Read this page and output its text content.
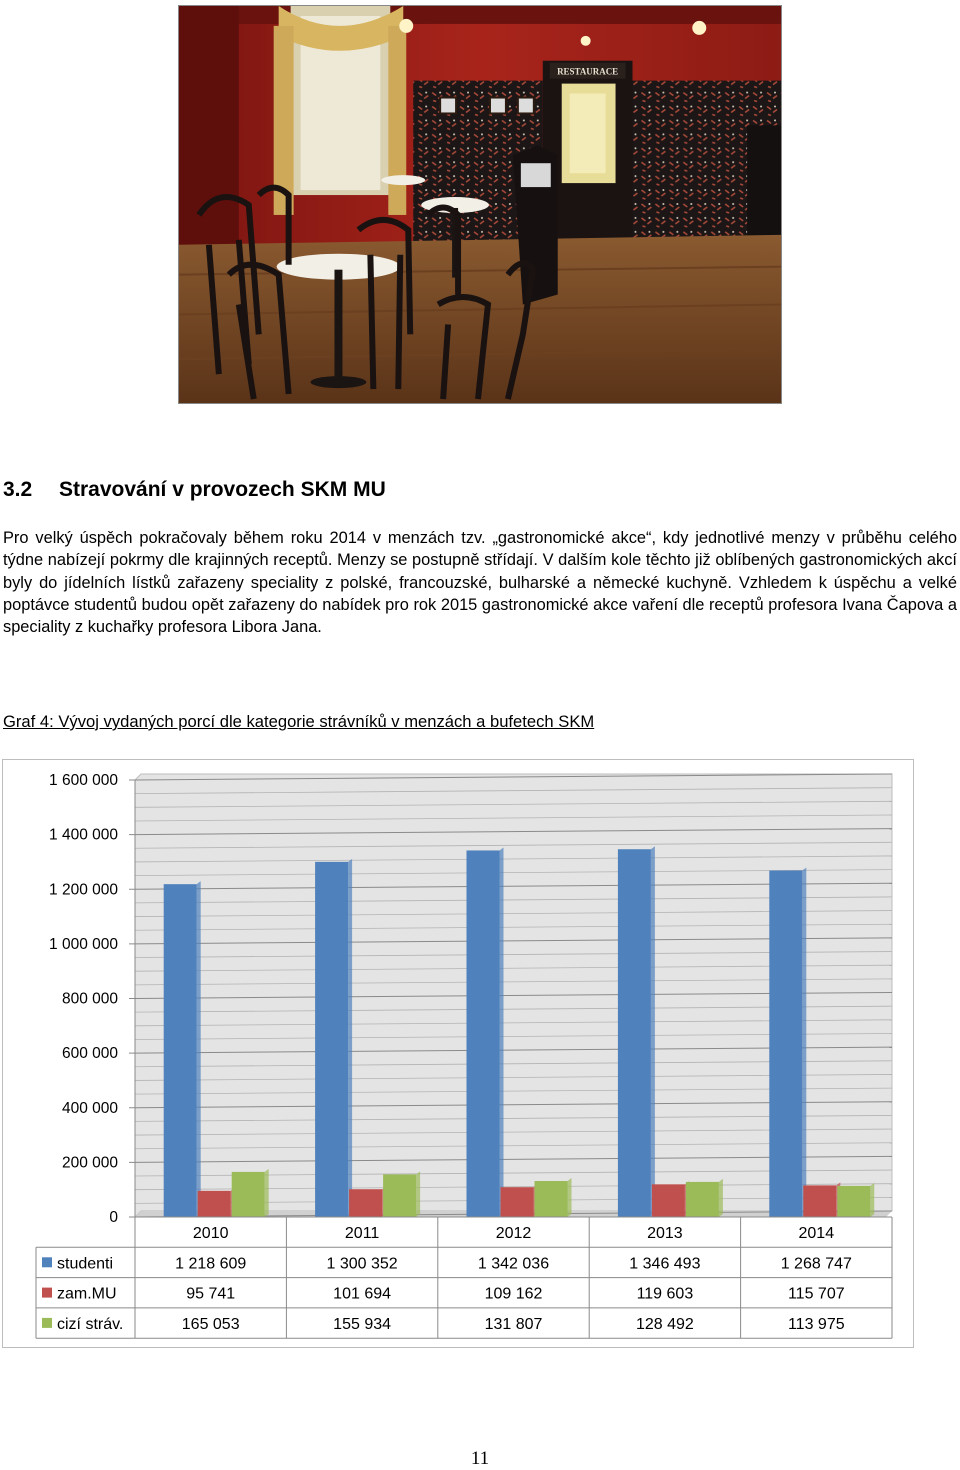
RESTAURACE
3.2 Stravování v provozech SKM MU

Pro velký úspěch pokračovaly během roku 2014 v menzách tzv. „gastronomické akce“, kdy jednotlivé menzy v průběhu celého týdne nabízejí pokrmy dle krajinných receptů. Menzy se postupně střídají. V dalším kole těchto již oblíbených gastronomických akcí byly do jídelních lístků zařazeny speciality z polské, francouzské, bulharské a německé kuchyně. Vzhledem k úspěchu a velké poptávce studentů budou opět zařazeny do nabídek pro rok 2015 gastronomické akce vaření dle receptů profesora Ivana Čapova a speciality z kuchařky profesora Libora Jana.

Graf 4: Vývoj vydaných porcí dle kategorie strávníků v menzách a bufetech SKM

0
200 000
400 000
600 000
800 000
1 000 000
1 200 000
1 400 000
1 600 000
2010	2011	2012	2013	2014
studenti	1 218 609	1 300 352	1 342 036	1 346 493	1 268 747
zam.MU	95 741	101 694	109 162	119 603	115 707
cizí stráv.	165 053	155 934	131 807	128 492	113 975
11
